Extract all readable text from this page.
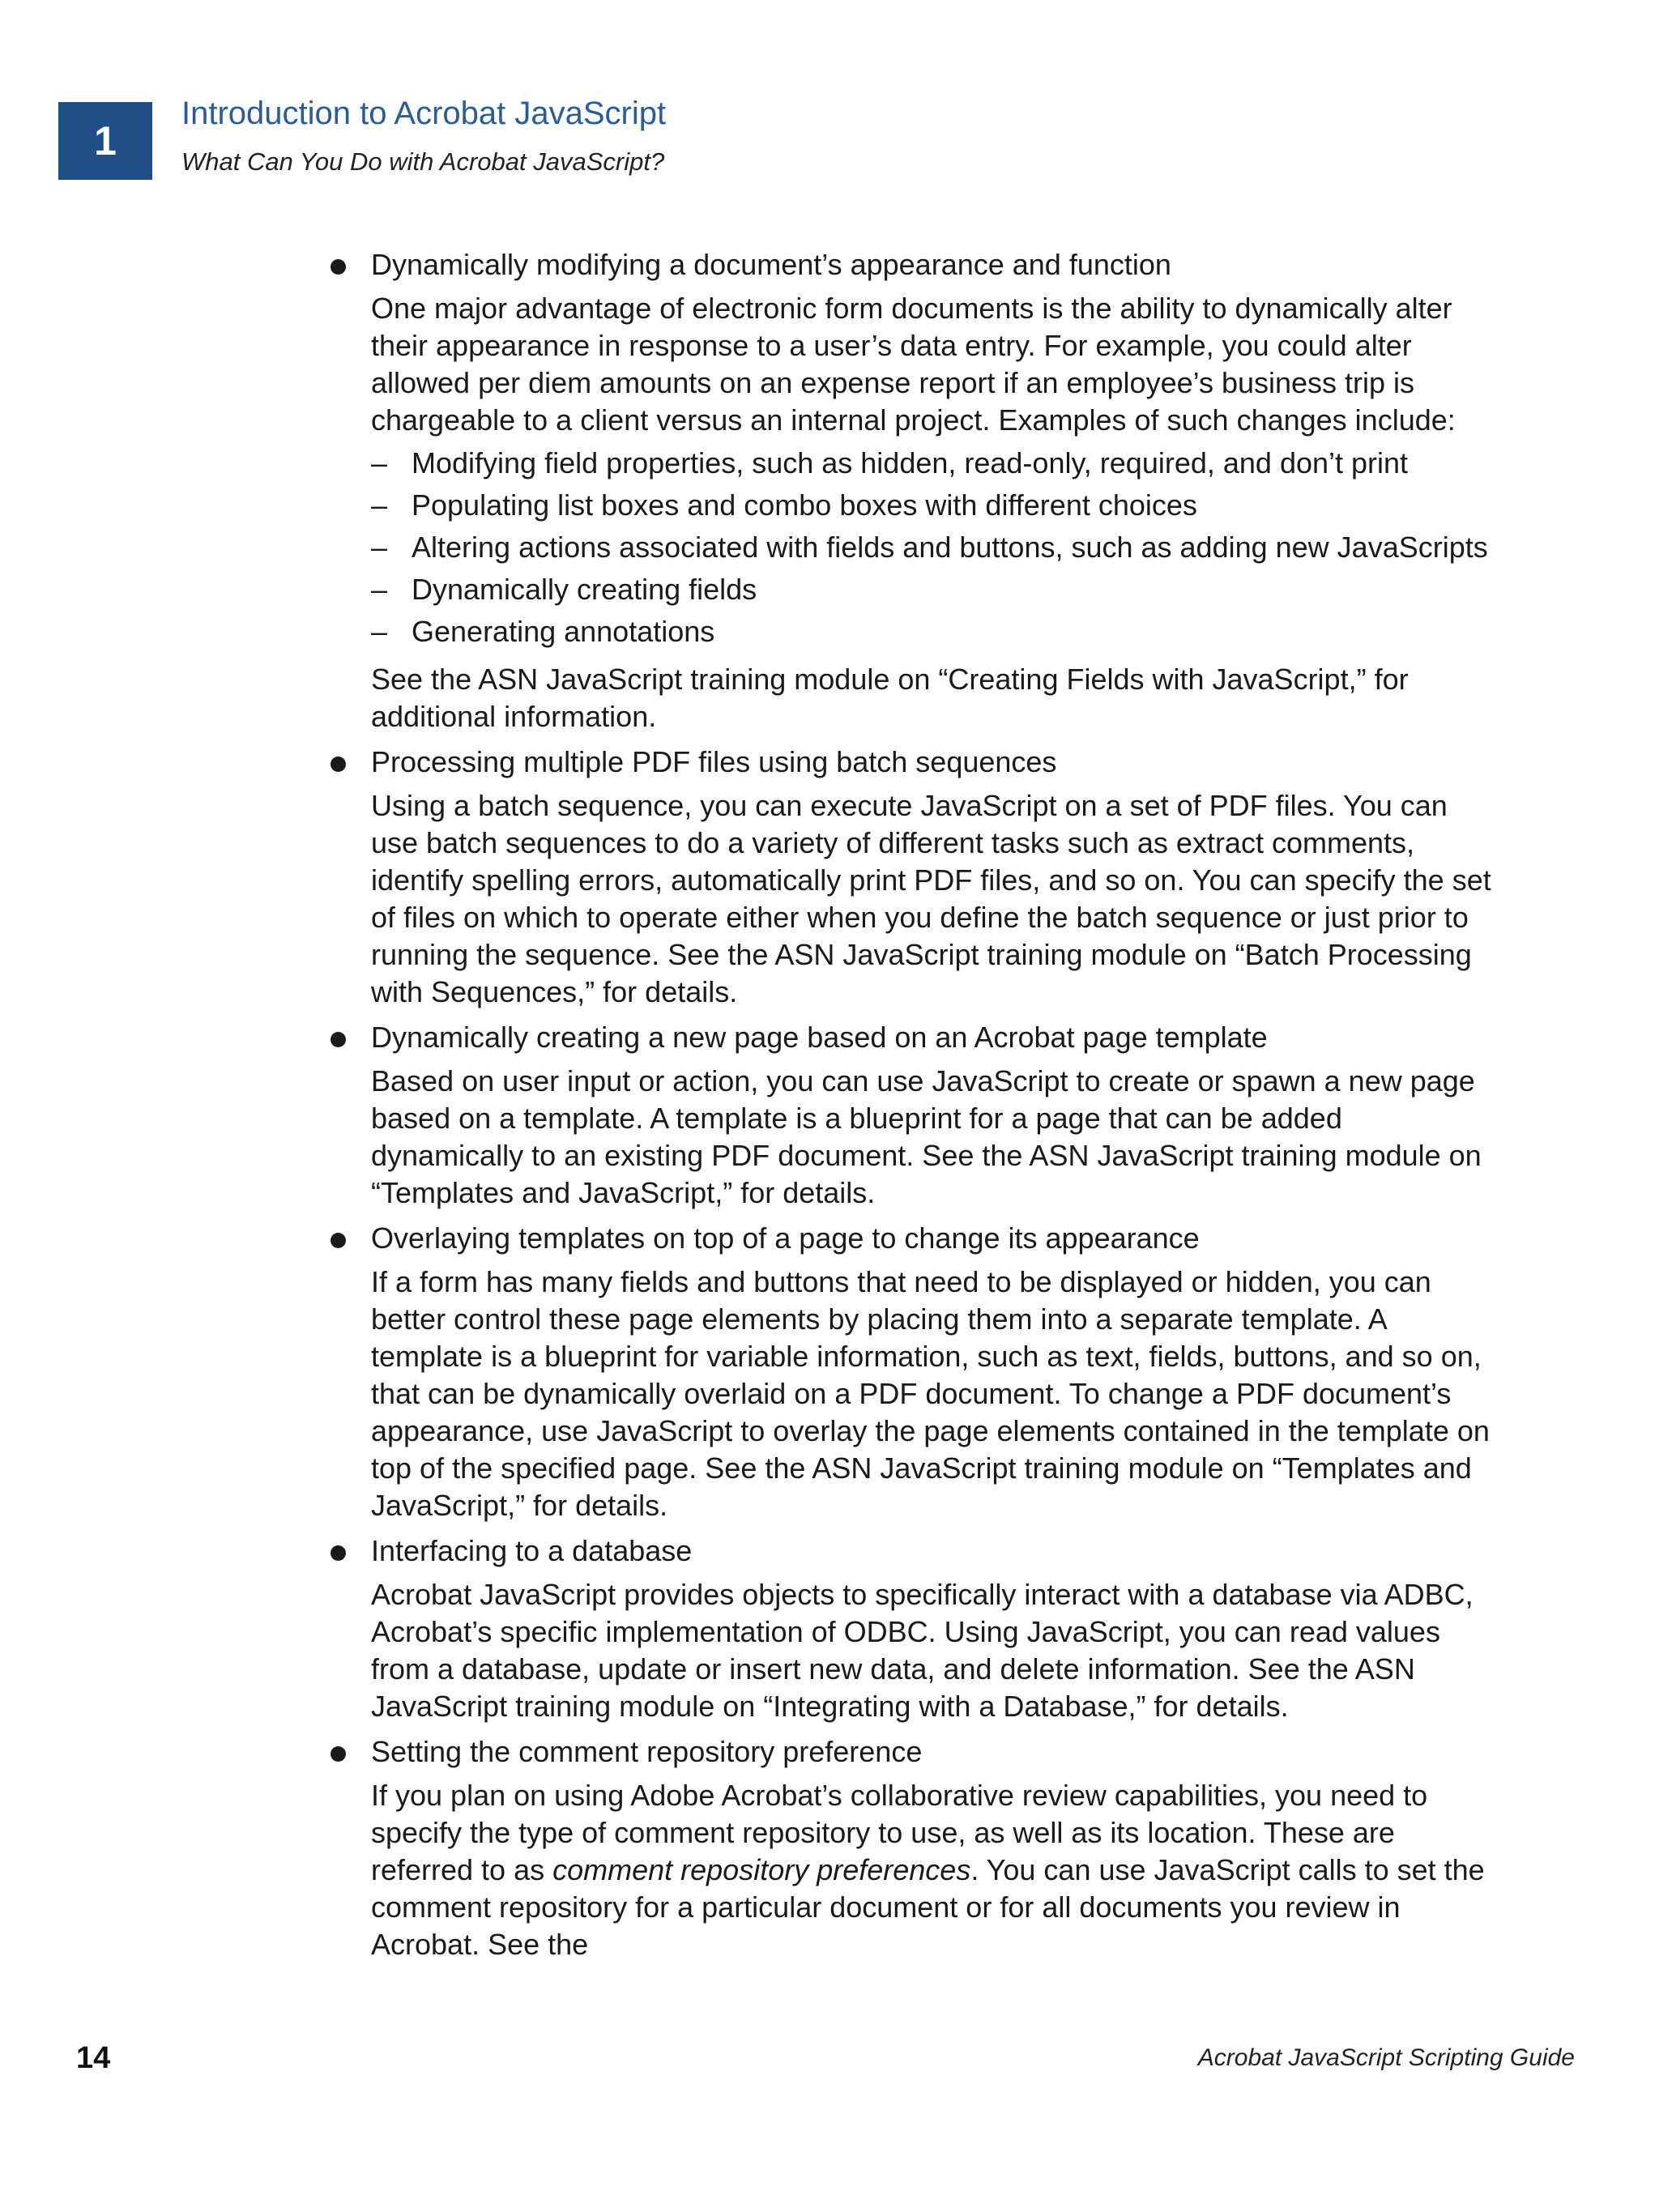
1
Introduction to Acrobat JavaScript
What Can You Do with Acrobat JavaScript?
Dynamically modifying a document’s appearance and function

One major advantage of electronic form documents is the ability to dynamically alter their appearance in response to a user’s data entry. For example, you could alter allowed per diem amounts on an expense report if an employee’s business trip is chargeable to a client versus an internal project. Examples of such changes include:

– Modifying field properties, such as hidden, read-only, required, and don’t print
– Populating list boxes and combo boxes with different choices
– Altering actions associated with fields and buttons, such as adding new JavaScripts
– Dynamically creating fields
– Generating annotations

See the ASN JavaScript training module on “Creating Fields with JavaScript,” for additional information.

Processing multiple PDF files using batch sequences

Using a batch sequence, you can execute JavaScript on a set of PDF files. You can use batch sequences to do a variety of different tasks such as extract comments, identify spelling errors, automatically print PDF files, and so on. You can specify the set of files on which to operate either when you define the batch sequence or just prior to running the sequence. See the ASN JavaScript training module on “Batch Processing with Sequences,” for details.

Dynamically creating a new page based on an Acrobat page template

Based on user input or action, you can use JavaScript to create or spawn a new page based on a template. A template is a blueprint for a page that can be added dynamically to an existing PDF document. See the ASN JavaScript training module on “Templates and JavaScript,” for details.

Overlaying templates on top of a page to change its appearance

If a form has many fields and buttons that need to be displayed or hidden, you can better control these page elements by placing them into a separate template. A template is a blueprint for variable information, such as text, fields, buttons, and so on, that can be dynamically overlaid on a PDF document. To change a PDF document’s appearance, use JavaScript to overlay the page elements contained in the template on top of the specified page. See the ASN JavaScript training module on “Templates and JavaScript,” for details.

Interfacing to a database

Acrobat JavaScript provides objects to specifically interact with a database via ADBC, Acrobat’s specific implementation of ODBC. Using JavaScript, you can read values from a database, update or insert new data, and delete information. See the ASN JavaScript training module on “Integrating with a Database,” for details.

Setting the comment repository preference

If you plan on using Adobe Acrobat’s collaborative review capabilities, you need to specify the type of comment repository to use, as well as its location. These are referred to as comment repository preferences. You can use JavaScript calls to set the comment repository for a particular document or for all documents you review in Acrobat. See the

14	Acrobat JavaScript Scripting Guide
